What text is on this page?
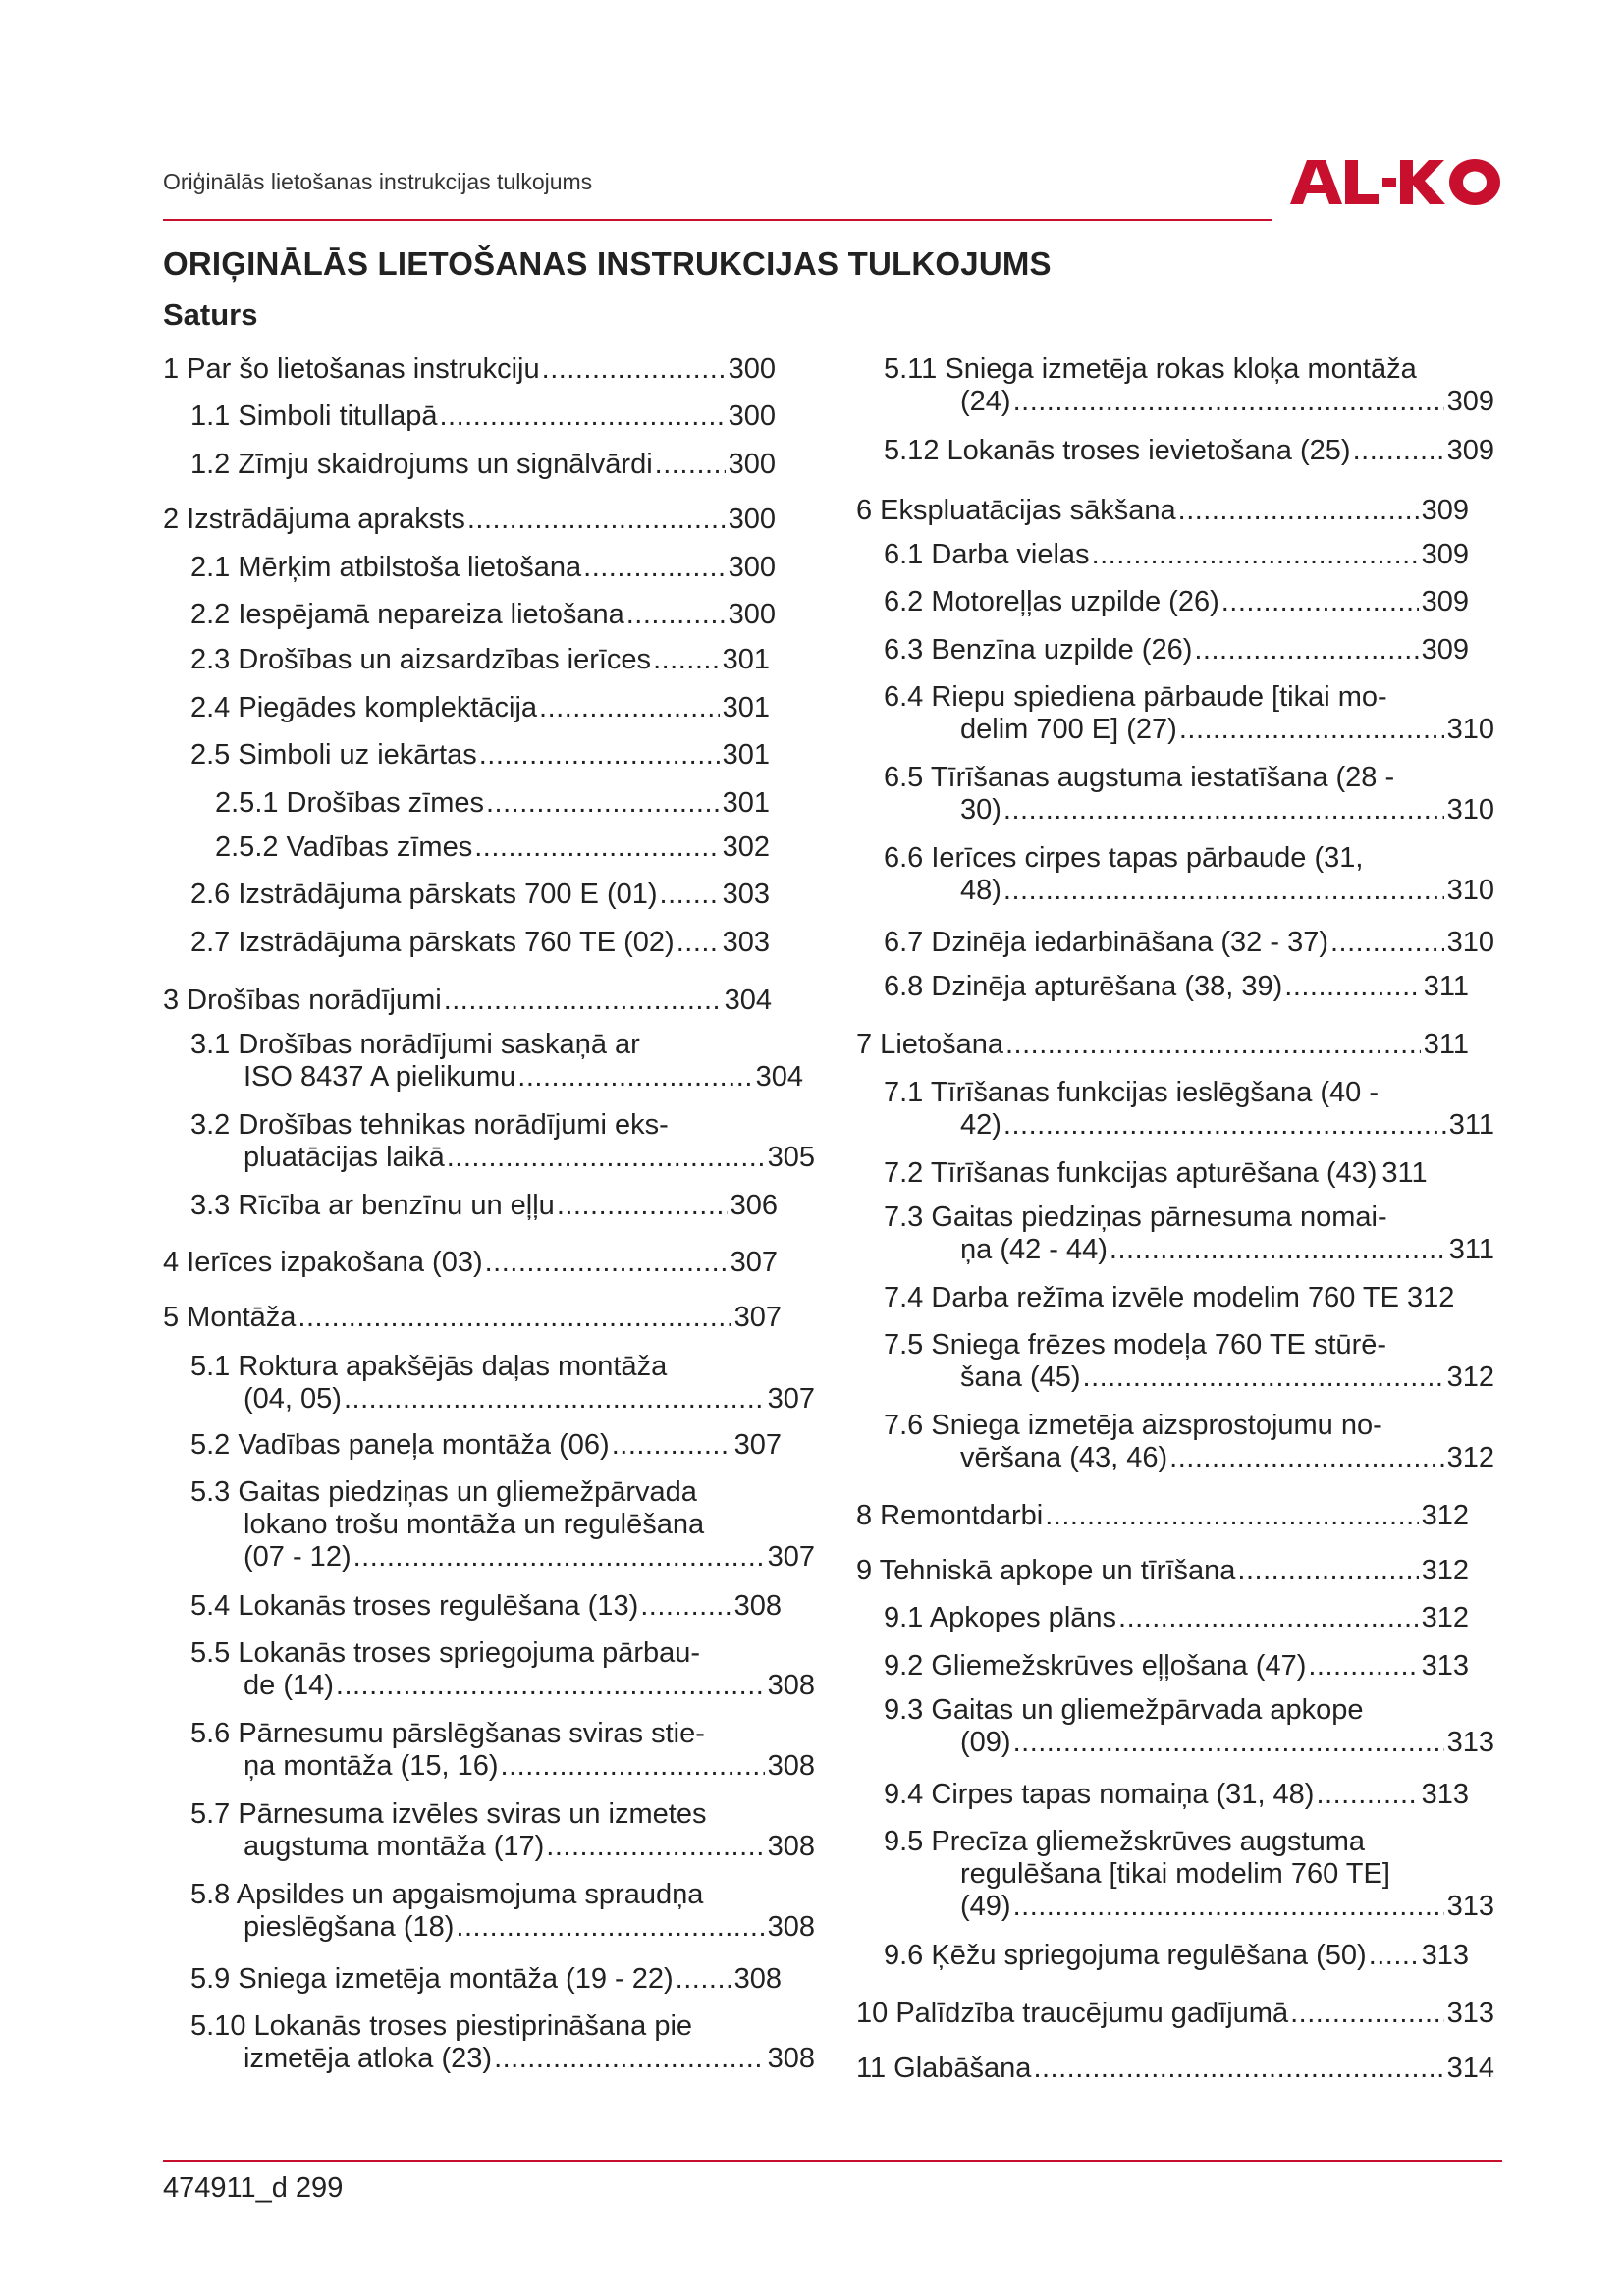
Oriģinālās lietošanas instrukcijas tulkojums
ORIĢINĀLĀS LIETOŠANAS INSTRUKCIJAS TULKOJUMS
Saturs
1 Par šo lietošanas instrukciju .....	300
1.1 Simboli titullapā .....	300
1.2 Zīmju skaidrojums un signālvārdi .....	300
2 Izstrādājuma apraksts .....	300
2.1 Mērķim atbilstoša lietošana .....	300
2.2 Iespējamā nepareiza lietošana .....	300
2.3 Drošības un aizsardzības ierīces .....	301
2.4 Piegādes komplektācija .....	301
2.5 Simboli uz iekārtas .....	301
2.5.1 Drošības zīmes .....	301
2.5.2 Vadības zīmes .....	302
2.6 Izstrādājuma pārskats 700 E (01) ..... 303
2.7 Izstrādājuma pārskats 760 TE (02) ..... 303
3 Drošības norādījumi .....	304
3.1 Drošības norādījumi saskaņā ar
ISO 8437 A pielikumu .....	304
3.2 Drošības tehnikas norādījumi eks-
pluatācijas laikā .....	305
3.3 Rīcība ar benzīnu un eļļu .....	306
4 Ierīces izpakošana (03) .....	307
5 Montāža .....	307
5.1 Roktura apakšējās daļas montāža
(04, 05) .....	307
5.2 Vadības paneļa montāža (06) .....	307
5.3 Gaitas piedziņas un gliemežpārvada
lokano trošu montāža un regulēšana
(07 - 12) .....	307
5.4 Lokanās troses regulēšana (13) .....	308
5.5 Lokanās troses spriegojuma pārbau-
de (14) .....	308
5.6 Pārnesumu pārslēgšanas sviras stie-
ņa montāža (15, 16) .....	308
5.7 Pārnesuma izvēles sviras un izmetes
augstuma montāža (17) .....	308
5.8 Apsildes un apgaismojuma spraudņa
pieslēgšana (18) .....	308
5.9 Sniega izmetēja montāža (19 - 22) ..... 308
5.10 Lokanās troses piestiprināšana pie
izmetēja atloka (23) .....	308
5.11 Sniega izmetēja rokas kloķa montāža
(24) .....	309
5.12 Lokanās troses ievietošana (25) .....	309
6 Ekspluatācijas sākšana .....	309
6.1 Darba vielas .....	309
6.2 Motoreļļas uzpilde (26) .....	309
6.3 Benzīna uzpilde (26) .....	309
6.4 Riepu spiediena pārbaude [tikai mo-
delim 700 E] (27) .....	310
6.5 Tīrīšanas augstuma iestatīšana (28 -
30) .....	310
6.6 Ierīces cirpes tapas pārbaude (31,
48) .....	310
6.7 Dzinēja iedarbināšana (32 - 37) .....	310
6.8 Dzinēja apturēšana (38, 39) .....	311
7 Lietošana .....	311
7.1 Tīrīšanas funkcijas ieslēgšana (40 -
42) .....	311
7.2 Tīrīšanas funkcijas apturēšana (43) 311
7.3 Gaitas piedziņas pārnesuma nomai-
ņa (42 - 44) .....	311
7.4 Darba režīma izvēle modelim 760 TE
312
7.5 Sniega frēzes modeļa 760 TE stūrē-
šana (45) .....	312
7.6 Sniega izmetēja aizsprostojumu no-
vēršana (43, 46) .....	312
8 Remontdarbi .....	312
9 Tehniskā apkope un tīrīšana .....	312
9.1 Apkopes plāns .....	312
9.2 Gliemežskrūves eļļošana (47) .....	313
9.3 Gaitas un gliemežpārvada apkope
(09) .....	313
9.4 Cirpes tapas nomaiņa (31, 48) .....	313
9.5 Precīza gliemežskrūves augstuma
regulēšana [tikai modelim 760 TE]
(49) .....	313
9.6 Ķēžu spriegojuma regulēšana (50) ..... 313
10 Palīdzība traucējumu gadījumā .....	313
11 Glabāšana .....	314
474911_d 299
